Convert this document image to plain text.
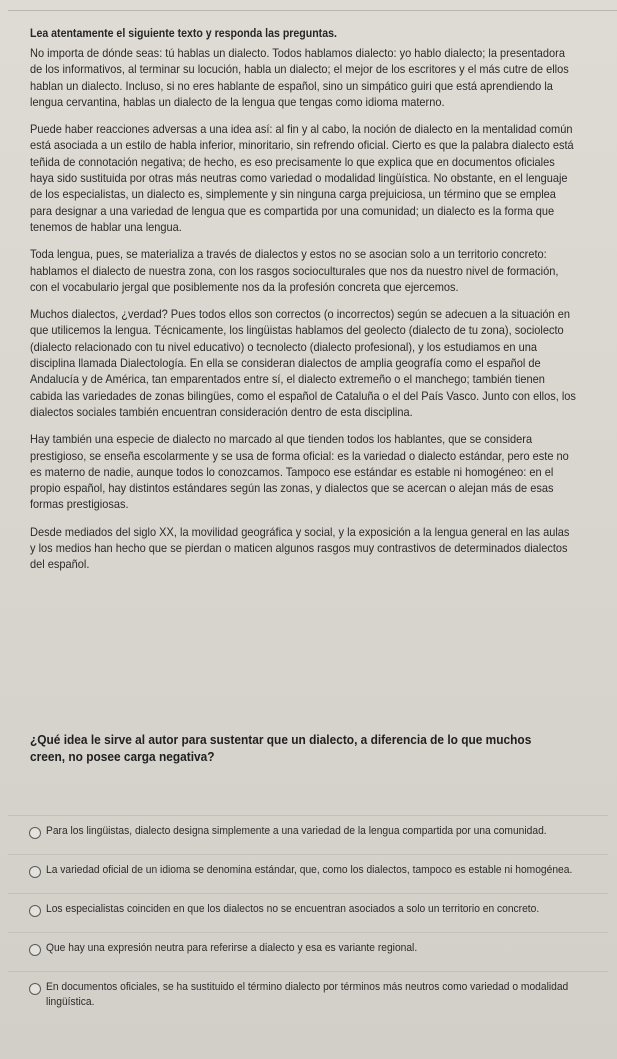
Lea atentamente el siguiente texto y responda las preguntas.

No importa de dónde seas: tú hablas un dialecto. Todos hablamos dialecto: yo hablo dialecto; la presentadora de los informativos, al terminar su locución, habla un dialecto; el mejor de los escritores y el más cutre de ellos hablan un dialecto. Incluso, si no eres hablante de español, sino un simpático guiri que está aprendiendo la lengua cervantina, hablas un dialecto de la lengua que tengas como idioma materno.

Puede haber reacciones adversas a una idea así: al fin y al cabo, la noción de dialecto en la mentalidad común está asociada a un estilo de habla inferior, minoritario, sin refrendo oficial. Cierto es que la palabra dialecto está teñida de connotación negativa; de hecho, es eso precisamente lo que explica que en documentos oficiales haya sido sustituida por otras más neutras como variedad o modalidad lingüística. No obstante, en el lenguaje de los especialistas, un dialecto es, simplemente y sin ninguna carga prejuiciosa, un término que se emplea para designar a una variedad de lengua que es compartida por una comunidad; un dialecto es la forma que tenemos de hablar una lengua.

Toda lengua, pues, se materializa a través de dialectos y estos no se asocian solo a un territorio concreto: hablamos el dialecto de nuestra zona, con los rasgos socioculturales que nos da nuestro nivel de formación, con el vocabulario jergal que posiblemente nos da la profesión concreta que ejercemos.

Muchos dialectos, ¿verdad? Pues todos ellos son correctos (o incorrectos) según se adecuen a la situación en que utilicemos la lengua. Técnicamente, los lingüistas hablamos del geolecto (dialecto de tu zona), sociolecto (dialecto relacionado con tu nivel educativo) o tecnolecto (dialecto profesional), y los estudiamos en una disciplina llamada Dialectología. En ella se consideran dialectos de amplia geografía como el español de Andalucía y de América, tan emparentados entre sí, el dialecto extremeño o el manchego; también tienen cabida las variedades de zonas bilingües, como el español de Cataluña o el del País Vasco. Junto con ellos, los dialectos sociales también encuentran consideración dentro de esta disciplina.

Hay también una especie de dialecto no marcado al que tienden todos los hablantes, que se considera prestigioso, se enseña escolarmente y se usa de forma oficial: es la variedad o dialecto estándar, pero este no es materno de nadie, aunque todos lo conozcamos. Tampoco ese estándar es estable ni homogéneo: en el propio español, hay distintos estándares según las zonas, y dialectos que se acercan o alejan más de esas formas prestigiosas.

Desde mediados del siglo XX, la movilidad geográfica y social, y la exposición a la lengua general en las aulas y los medios han hecho que se pierdan o maticen algunos rasgos muy contrastivos de determinados dialectos del español.

¿Qué idea le sirve al autor para sustentar que un dialecto, a diferencia de lo que muchos creen, no posee carga negativa?
Para los lingüistas, dialecto designa simplemente a una variedad de la lengua compartida por una comunidad.
La variedad oficial de un idioma se denomina estándar, que, como los dialectos, tampoco es estable ni homogénea.
Los especialistas coinciden en que los dialectos no se encuentran asociados a solo un territorio en concreto.
Que hay una expresión neutra para referirse a dialecto y esa es variante regional.
En documentos oficiales, se ha sustituido el término dialecto por términos más neutros como variedad o modalidad lingüística.
